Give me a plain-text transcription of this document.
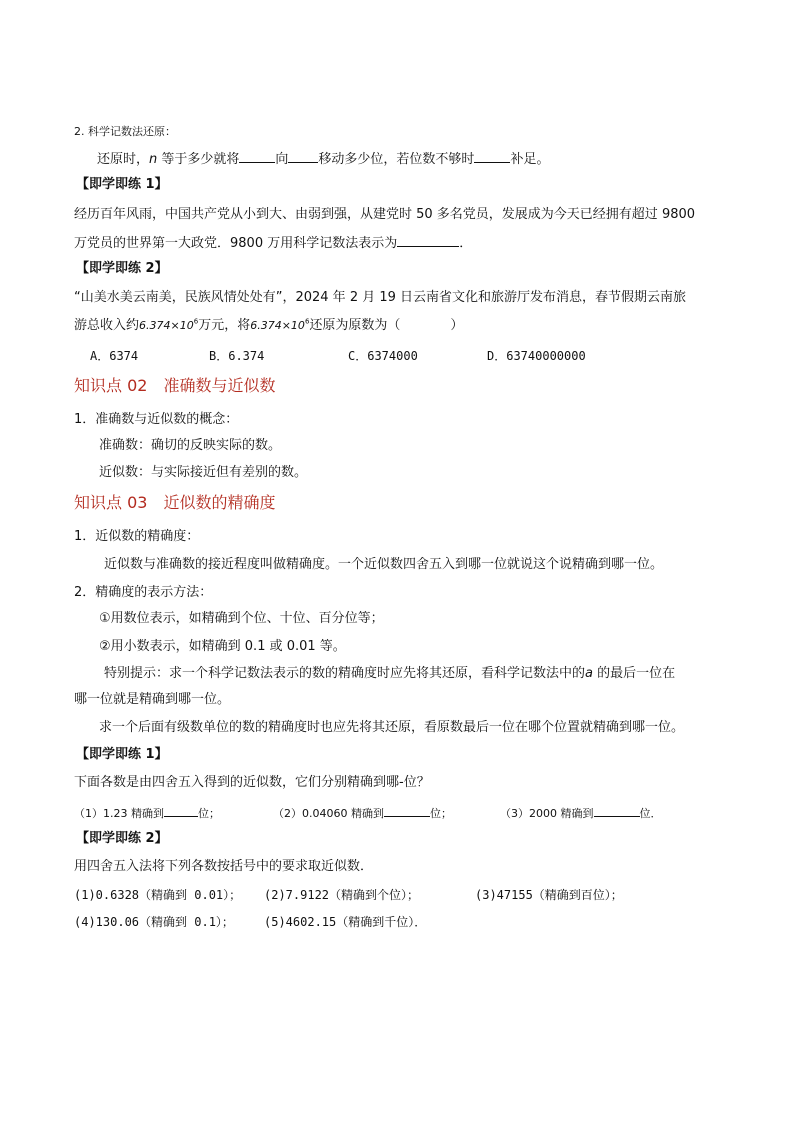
2. 科学记数法还原：
还原时，n 等于多少就将	向 移动多少位，若位数不够时	补足。
【即学即练 1】
经历百年风雨，中国共产党从小到大、由弱到强，从建党时 50 多名党员，发展成为今天已经拥有超过 9800
万党员的世界第一大政党．9800 万用科学记数法表示为	．
【即学即练 2】
“山美水美云南美，民族风情处处有”，2024 年 2 月 19 日云南省文化和旅游厅发布消息，春节假期云南旅
游总收入约$6.374\times 10^6$万元，将$6.374\times 10^6$还原为原数为（	）
A．6374	B．6.374	C．6374000	D．63740000000
知识点 02　准确数与近似数
1．准确数与近似数的概念：
准确数：确切的反映实际的数。
近似数：与实际接近但有差别的数。
知识点 03　近似数的精确度
1．近似数的精确度：
近似数与准确数的接近程度叫做精确度。一个近似数四舍五入到哪一位就说这个说精确到哪一位。
2．精确度的表示方法：
①用数位表示，如精确到个位、十位、百分位等；
②用小数表示，如精确到 0.1 或 0.01 等。
特别提示：求一个科学记数法表示的数的精确度时应先将其还原，看科学记数法中的a 的最后一位在
哪一位就是精确到哪一位。
求一个后面有级数单位的数的精确度时也应先将其还原，看原数最后一位在哪个位置就精确到哪一位。
【即学即练 1】
下面各数是由四舍五入得到的近似数，它们分别精确到哪-位？
（1）1.23 精确到	位；	（2）0.04060 精确到	位；	（3）2000 精确到	位．
【即学即练 2】
用四舍五入法将下列各数按括号中的要求取近似数．
(1)0.6328（精确到 0.01）； (2)7.9122（精确到个位）；	(3)47155（精确到百位）；
(4)130.06（精确到 0.1）；	(5)4602.15（精确到千位）．
